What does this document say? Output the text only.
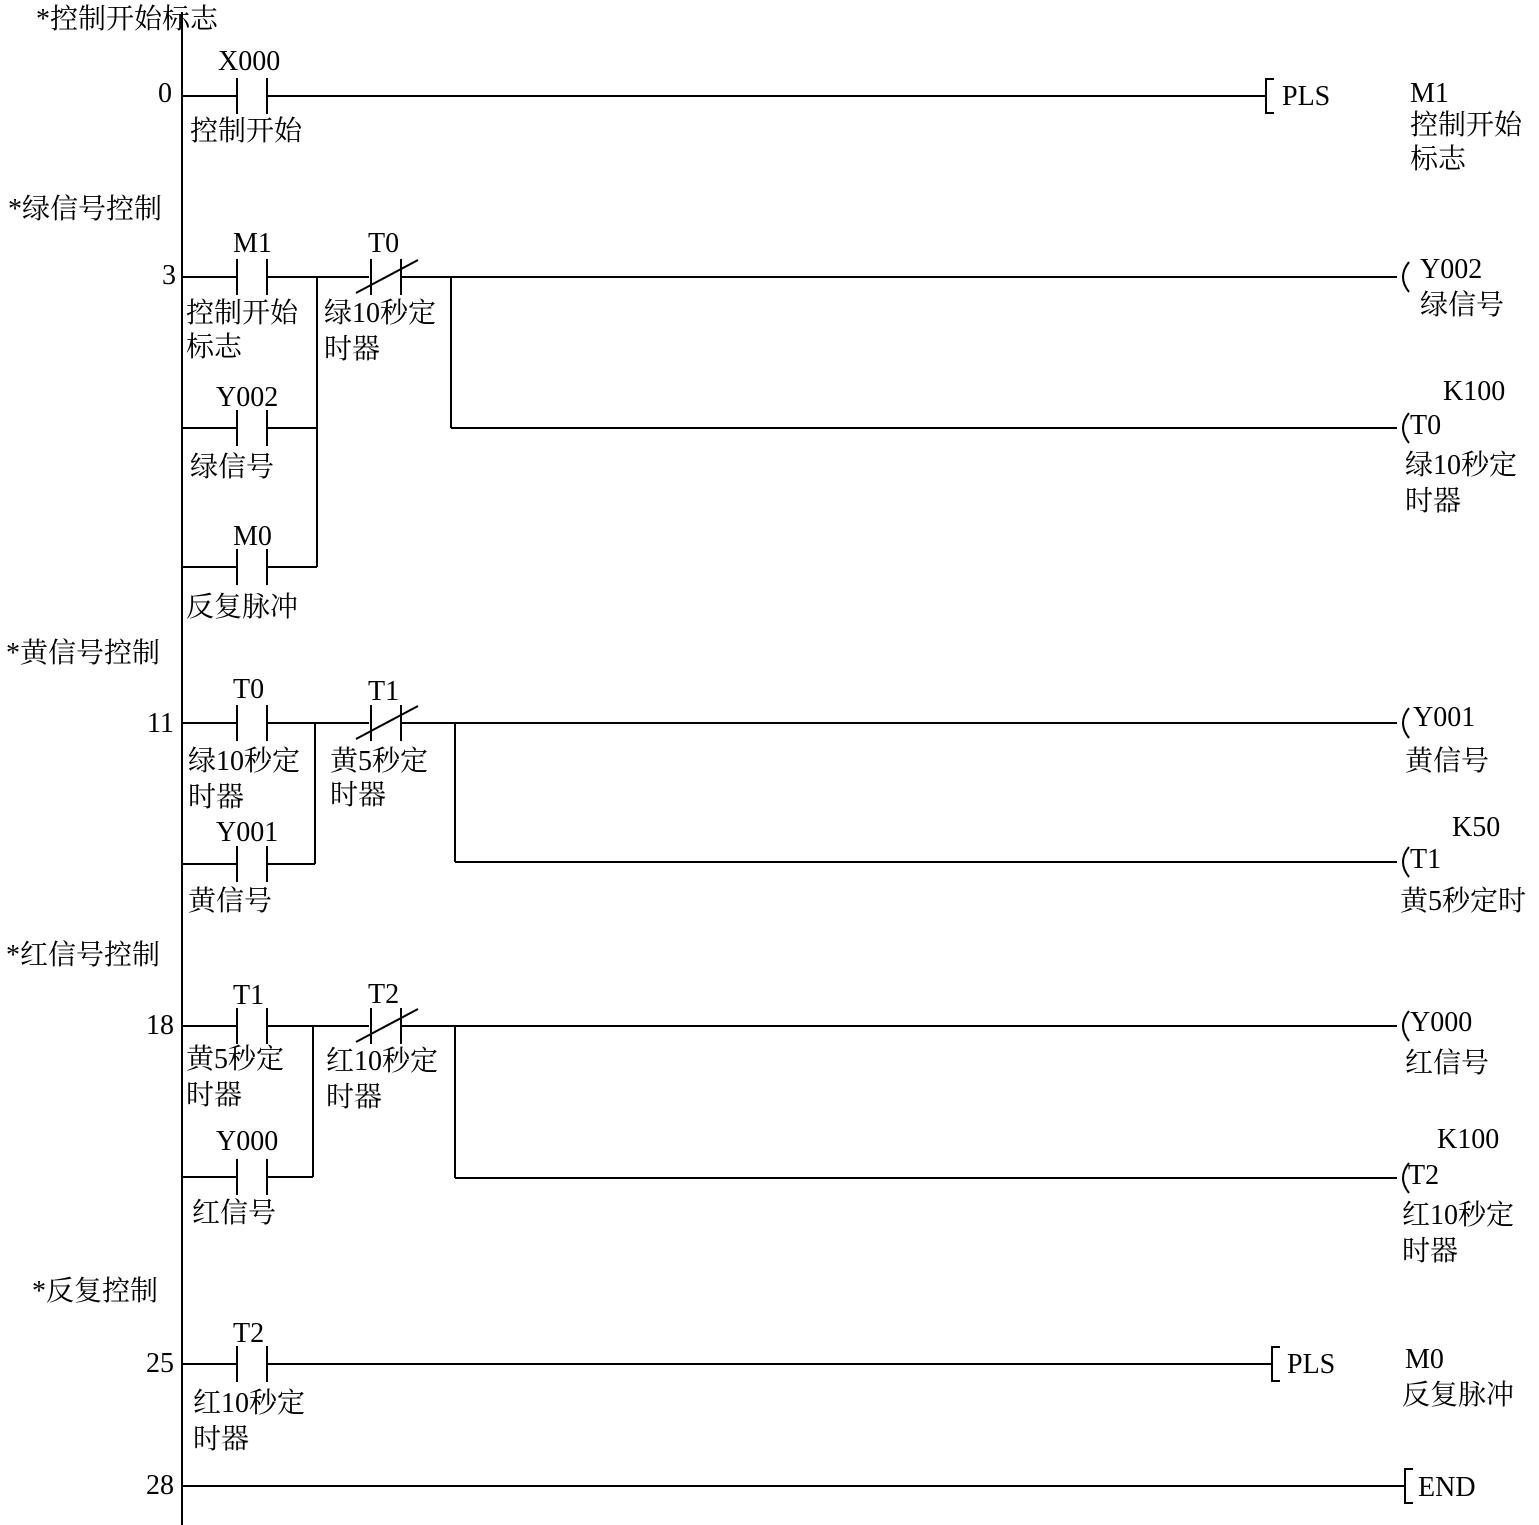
*控制开始标志
0
X000
控制开始
PLS	M1
控制开始
标志
*绿信号控制
3
M1
控制开始
标志
Y002
绿信号
M0
反复脉冲
T0
绿10秒定
时器
Y002
绿信号
K100
T0
绿10秒定
时器
*黄信号控制
11
T0
绿10秒定
时器
Y001
黄信号
T1
黄5秒定
时器
Y001
黄信号
K50
T1
黄5秒定时
*红信号控制
18
T1
黄5秒定
时器
Y000
红信号
T2
红10秒定
时器
Y000
红信号
K100
T2
红10秒定
时器
*反复控制
25
T2
红10秒定
时器
PLS M0
反复脉冲
28	END
